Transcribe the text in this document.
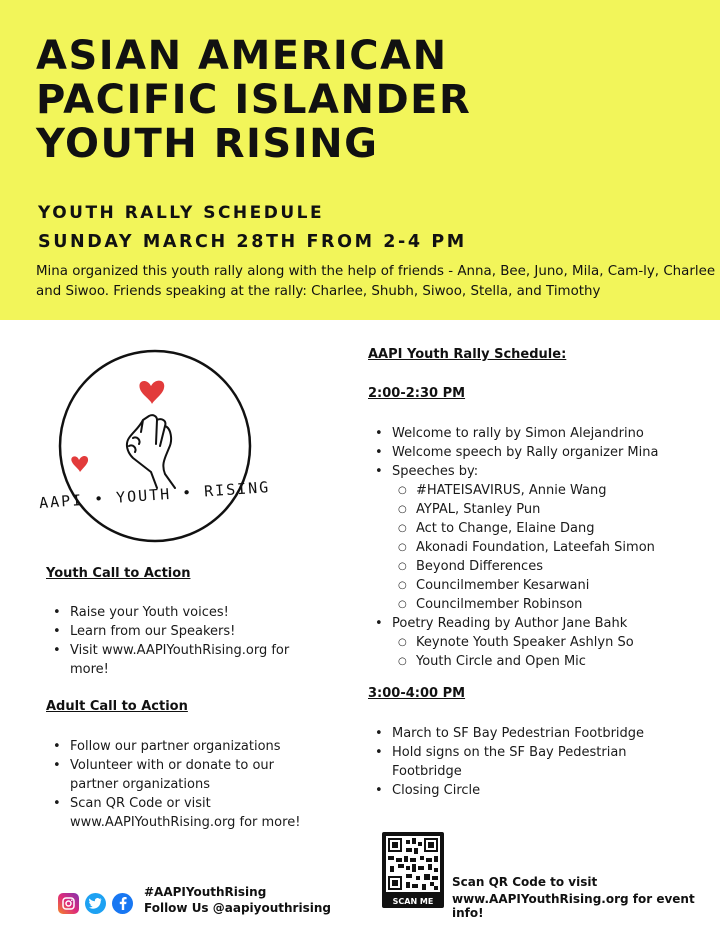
ASIAN AMERICAN
PACIFIC ISLANDER
YOUTH RISING
YOUTH RALLY SCHEDULE
SUNDAY MARCH 28TH FROM 2-4 PM
Mina organized this youth rally along with the help of friends - Anna, Bee, Juno, Mila, Cam-ly, Charlee and Siwoo. Friends speaking at the rally: Charlee, Shubh, Siwoo, Stella, and Timothy
AAPI • YOUTH • RISING
Youth Call to Action
• Raise your Youth voices!
• Learn from our Speakers!
• Visit www.AAPIYouthRising.org for
more!
Adult Call to Action
• Follow our partner organizations
• Volunteer with or donate to our
partner organizations
• Scan QR Code or visit
www.AAPIYouthRising.org for more!
AAPI Youth Rally Schedule:
2:00-2:30 PM
• Welcome to rally by Simon Alejandrino
• Welcome speech by Rally organizer Mina
• Speeches by:
○ #HATEISAVIRUS, Annie Wang
○ AYPAL, Stanley Pun
○ Act to Change, Elaine Dang
○ Akonadi Foundation, Lateefah Simon
○ Beyond Differences
○ Councilmember Kesarwani
○ Councilmember Robinson
• Poetry Reading by Author Jane Bahk
○ Keynote Youth Speaker Ashlyn So
○ Youth Circle and Open Mic
3:00-4:00 PM
• March to SF Bay Pedestrian Footbridge
• Hold signs on the SF Bay Pedestrian
Footbridge
• Closing Circle
#AAPIYouthRising
Follow Us @aapiyouthrising	SCAN ME
Scan QR Code to visit
www.AAPIYouthRising.org for event info!
